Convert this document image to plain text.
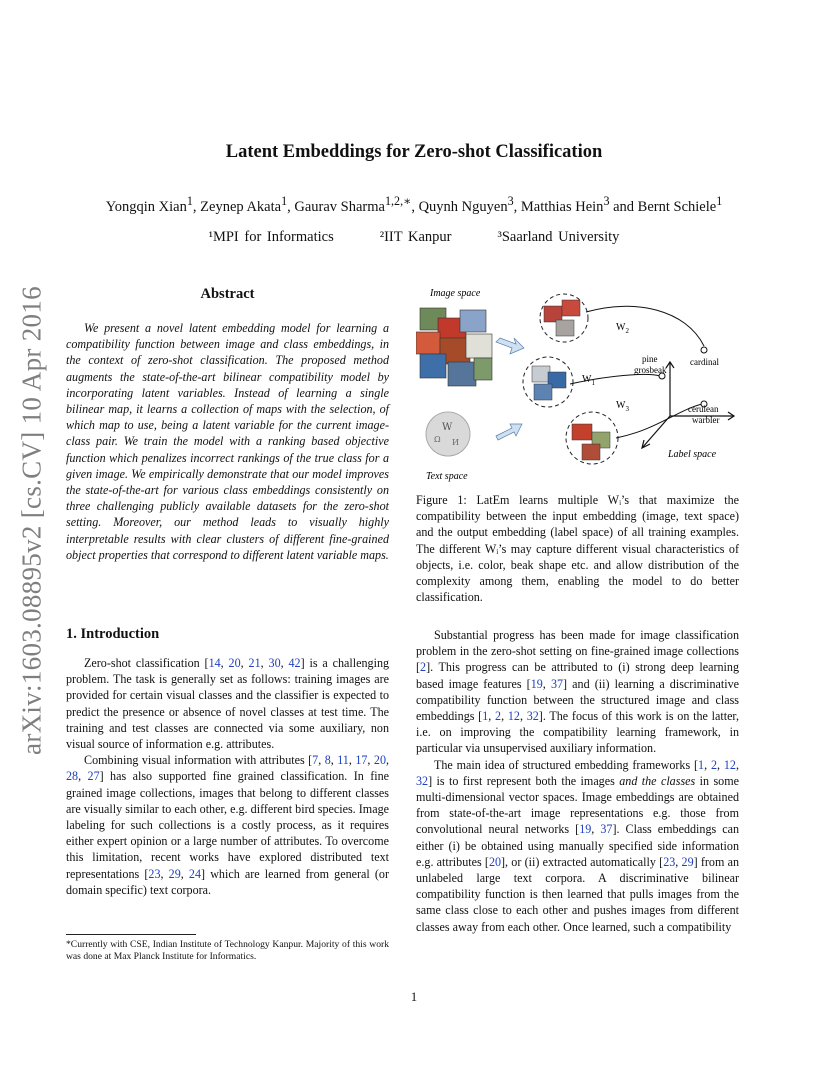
arXiv:1603.08895v2 [cs.CV] 10 Apr 2016
Latent Embeddings for Zero-shot Classification
Yongqin Xian$^1$, Zeynep Akata$^1$, Gaurav Sharma$^{1,2,∗}$, Quynh Nguyen$^3$, Matthias Hein$^3$ and Bernt Schiele$^1$
¹MPI for Informatics	²IIT Kanpur	³Saarland University
Abstract

We present a novel latent embedding model for learning a compatibility function between image and class embeddings, in the context of zero-shot classification. The proposed method augments the state-of-the-art bilinear compatibility model by incorporating latent variables. Instead of learning a single bilinear map, it learns a collection of maps with the selection, of which map to use, being a latent variable for the current image-class pair. We train the model with a ranking based objective function which penalizes incorrect rankings of the true class for a given image. We empirically demonstrate that our model improves the state-of-the-art for various class embeddings consistently on three challenging publicly available datasets for the zero-shot setting. Moreover, our method leads to visually highly interpretable results with clear clusters of different fine-grained object properties that correspond to different latent variable maps.

1. Introduction

Zero-shot classification [14, 20, 21, 30, 42] is a challenging problem. The task is generally set as follows: training images are provided for certain visual classes and the classifier is expected to predict the presence or absence of novel classes at test time. The training and test classes are connected via some auxiliary, non visual source of information e.g. attributes.

Combining visual information with attributes [7, 8, 11, 17, 20, 28, 27] has also supported fine grained classification. In fine grained image collections, images that belong to different classes are visually similar to each other, e.g. different bird species. Image labeling for such collections is a costly process, as it requires either expert opinion or a large number of attributes. To overcome this limitation, recent works have explored distributed text representations [23, 29, 24] which are learned from general (or domain specific) text corpora.

*Currently with CSE, Indian Institute of Technology Kanpur. Majority of this work was done at Max Planck Institute for Informatics.
Image space
W
Ω И
Text space
$W_2$
$W_1$
$W_3$
pine
grosbeak
cardinal
cerulean
warbler
Label space
Figure 1: LatEm learns multiple Wᵢ’s that maximize the compatibility between the input embedding (image, text space) and the output embedding (label space) of all training examples. The different Wᵢ’s may capture different visual characteristics of objects, i.e. color, beak shape etc. and allow distribution of the complexity among them, enabling the model to do better classification.

Substantial progress has been made for image classification problem in the zero-shot setting on fine-grained image collections [2]. This progress can be attributed to (i) strong deep learning based image features [19, 37] and (ii) learning a discriminative compatibility function between the structured image and class embeddings [1, 2, 12, 32]. The focus of this work is on the latter, i.e. on improving the compatibility learning framework, in particular via unsupervised auxiliary information.

The main idea of structured embedding frameworks [1, 2, 12, 32] is to first represent both the images and the classes in some multi-dimensional vector spaces. Image embeddings are obtained from state-of-the-art image representations e.g. those from convolutional neural networks [19, 37]. Class embeddings can either (i) be obtained using manually specified side information e.g. attributes [20], or (ii) extracted automatically [23, 29] from an unlabeled large text corpora. A discriminative bilinear compatibility function is then learned that pulls images from the same class close to each other and pushes images from different classes away from each other. Once learned, such a compatibility

1
